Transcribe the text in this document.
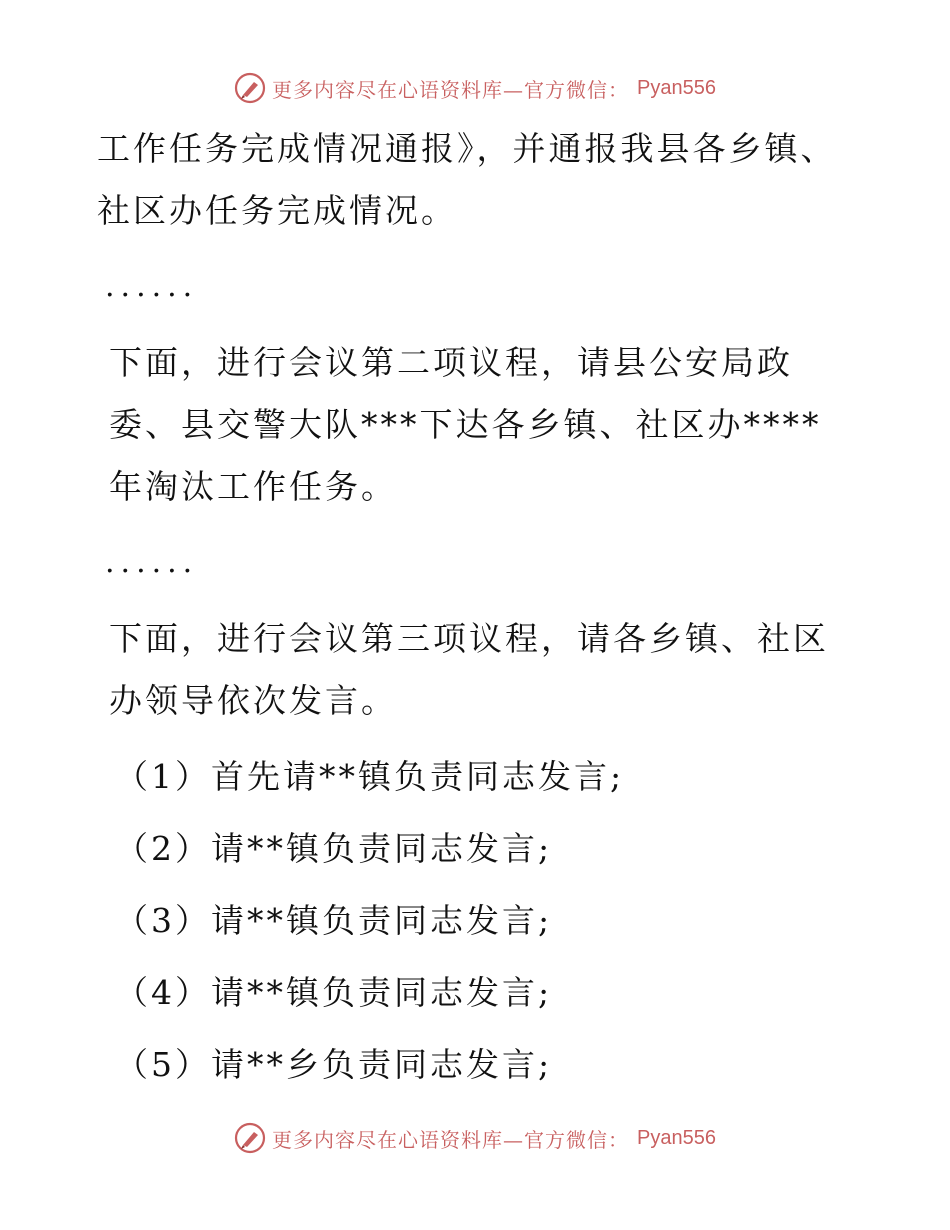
更多内容尽在心语资料库—官方微信： Pyan556

工作任务完成情况通报》，并通报我县各乡镇、社区办任务完成情况。

......

下面，进行会议第二项议程，请县公安局政委、县交警大队***下达各乡镇、社区办****年淘汰工作任务。

......

下面，进行会议第三项议程，请各乡镇、社区办领导依次发言。

（1）首先请**镇负责同志发言;

（2）请**镇负责同志发言;

（3）请**镇负责同志发言;

（4）请**镇负责同志发言;

（5）请**乡负责同志发言;

更多内容尽在心语资料库—官方微信： Pyan556
